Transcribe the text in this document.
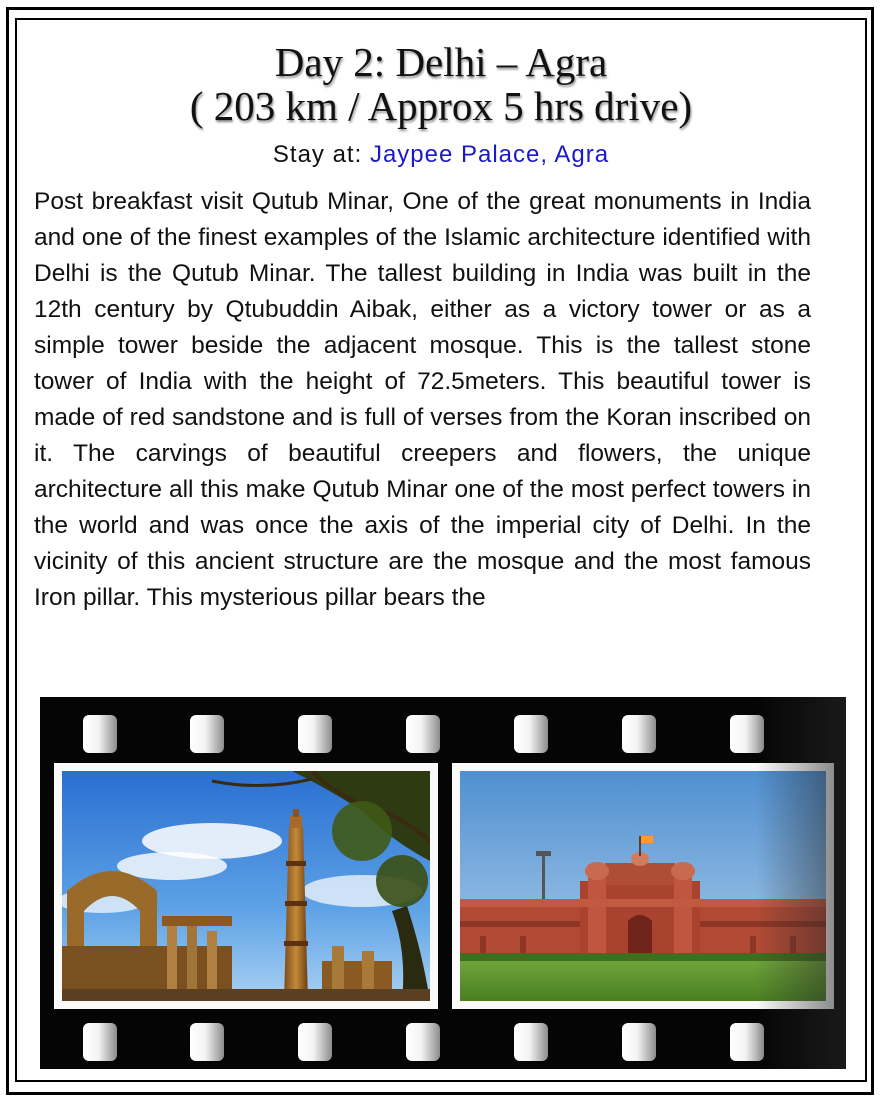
Day 2: Delhi – Agra
( 203 km / Approx 5 hrs drive)
Stay at: Jaypee Palace, Agra

Post breakfast visit Qutub Minar, One of the great monuments in India and one of the finest examples of the Islamic architecture identified with Delhi is the Qutub Minar. The tallest building in India was built in the 12th century by Qtubuddin Aibak, either as a victory tower or as a simple tower beside the adjacent mosque. This is the tallest stone tower of India with the height of 72.5meters. This beautiful tower is made of red sandstone and is full of verses from the Koran inscribed on it. The carvings of beautiful creepers and flowers, the unique architecture all this make Qutub Minar one of the most perfect towers in the world and was once the axis of the imperial city of Delhi. In the vicinity of this ancient structure are the mosque and the most famous Iron pillar. This mysterious pillar bears the
